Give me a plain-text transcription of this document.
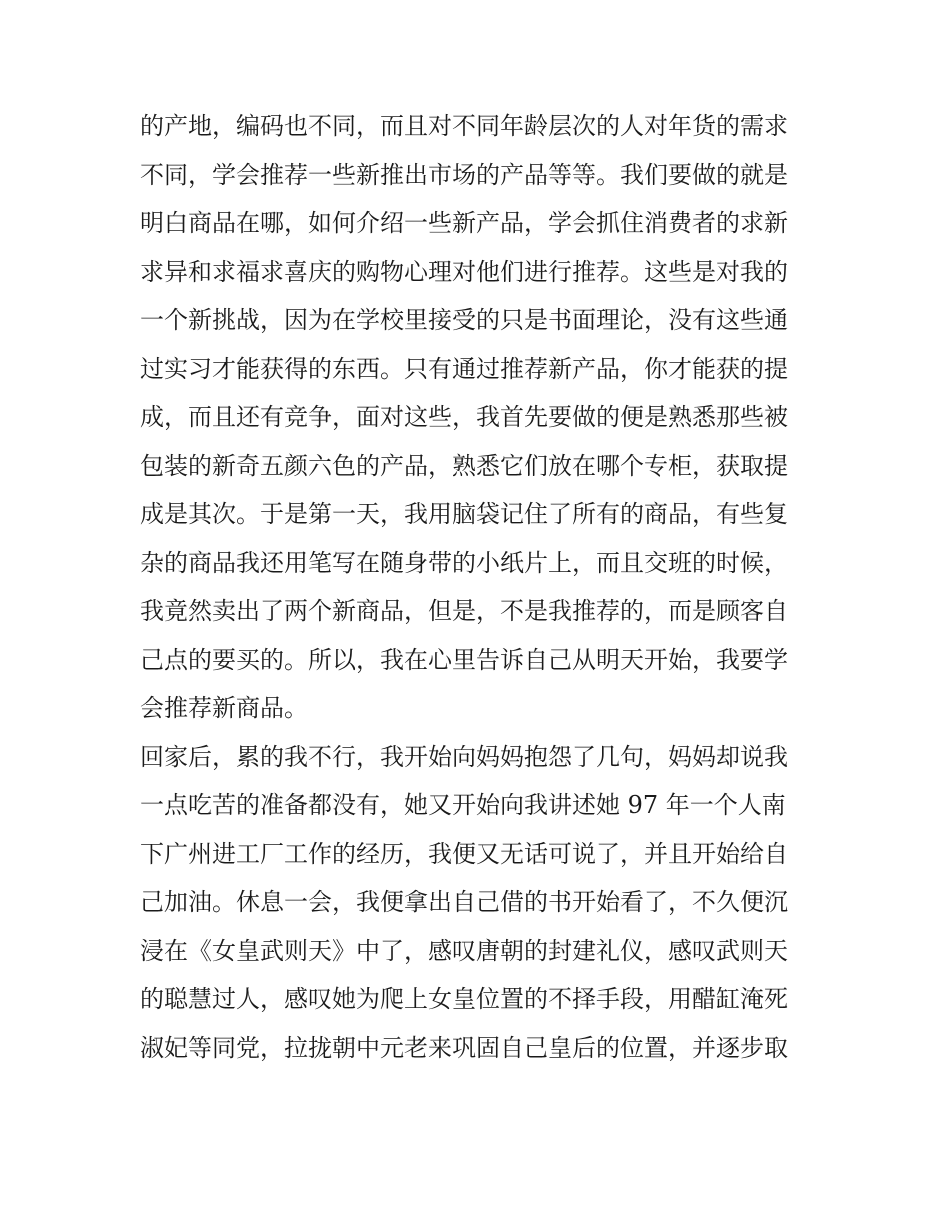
的产地，编码也不同，而且对不同年龄层次的人对年货的需求
不同，学会推荐一些新推出市场的产品等等。我们要做的就是
明白商品在哪，如何介绍一些新产品，学会抓住消费者的求新
求异和求福求喜庆的购物心理对他们进行推荐。这些是对我的
一个新挑战，因为在学校里接受的只是书面理论，没有这些通
过实习才能获得的东西。只有通过推荐新产品，你才能获的提
成，而且还有竞争，面对这些，我首先要做的便是熟悉那些被
包装的新奇五颜六色的产品，熟悉它们放在哪个专柜，获取提
成是其次。于是第一天，我用脑袋记住了所有的商品，有些复
杂的商品我还用笔写在随身带的小纸片上，而且交班的时候，
我竟然卖出了两个新商品，但是，不是我推荐的，而是顾客自
己点的要买的。所以，我在心里告诉自己从明天开始，我要学
会推荐新商品。
回家后，累的我不行，我开始向妈妈抱怨了几句，妈妈却说我
一点吃苦的准备都没有，她又开始向我讲述她 97 年一个人南
下广州进工厂工作的经历，我便又无话可说了，并且开始给自
己加油。休息一会，我便拿出自己借的书开始看了，不久便沉
浸在《女皇武则天》中了，感叹唐朝的封建礼仪，感叹武则天
的聪慧过人，感叹她为爬上女皇位置的不择手段，用醋缸淹死
淑妃等同党，拉拢朝中元老来巩固自己皇后的位置，并逐步取
